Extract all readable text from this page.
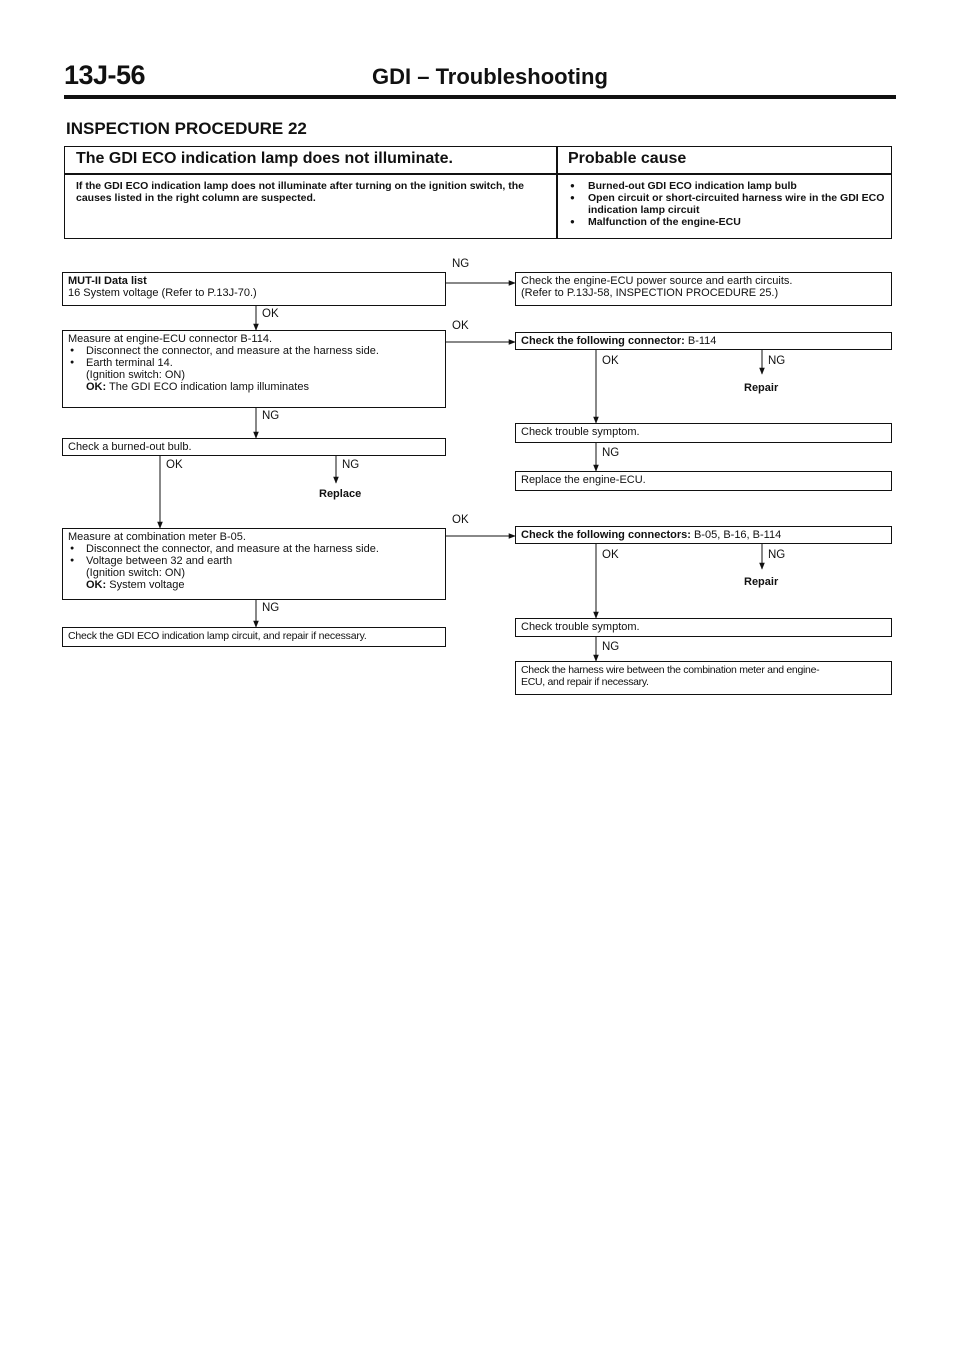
13J-56	GDI – Troubleshooting
INSPECTION PROCEDURE 22
The GDI ECO indication lamp does not illuminate.	Probable cause
If the GDI ECO indication lamp does not illuminate after turning on the ignition switch, the causes listed in the right column are suspected.
● Burned-out GDI ECO indication lamp bulb
● Open circuit or short-circuited harness wire in the GDI ECO indication lamp circuit
● Malfunction of the engine-ECU
MUT-II Data list
16 System voltage (Refer to P.13J-70.)
Measure at engine-ECU connector B-114.
● Disconnect the connector, and measure at the harness side.
● Earth terminal 14.
(Ignition switch: ON)
OK: The GDI ECO indication lamp illuminates
Check a burned-out bulb.
Measure at combination meter B-05.
● Disconnect the connector, and measure at the harness side.
● Voltage between 32 and earth
(Ignition switch: ON)
OK: System voltage
Check the GDI ECO indication lamp circuit, and repair if necessary.
Check the engine-ECU power source and earth circuits.
(Refer to P.13J-58, INSPECTION PROCEDURE 25.)
Check the following connector: B-114
Check trouble symptom.
Replace the engine-ECU.
Check the following connectors: B-05, B-16, B-114
Check trouble symptom.
Check the harness wire between the combination meter and engine-
ECU, and repair if necessary.
NG
OK
OK
NG
OK	NG
Replace
OK
NG
OK	NG
Repair
NG
OK	NG
Repair
NG
